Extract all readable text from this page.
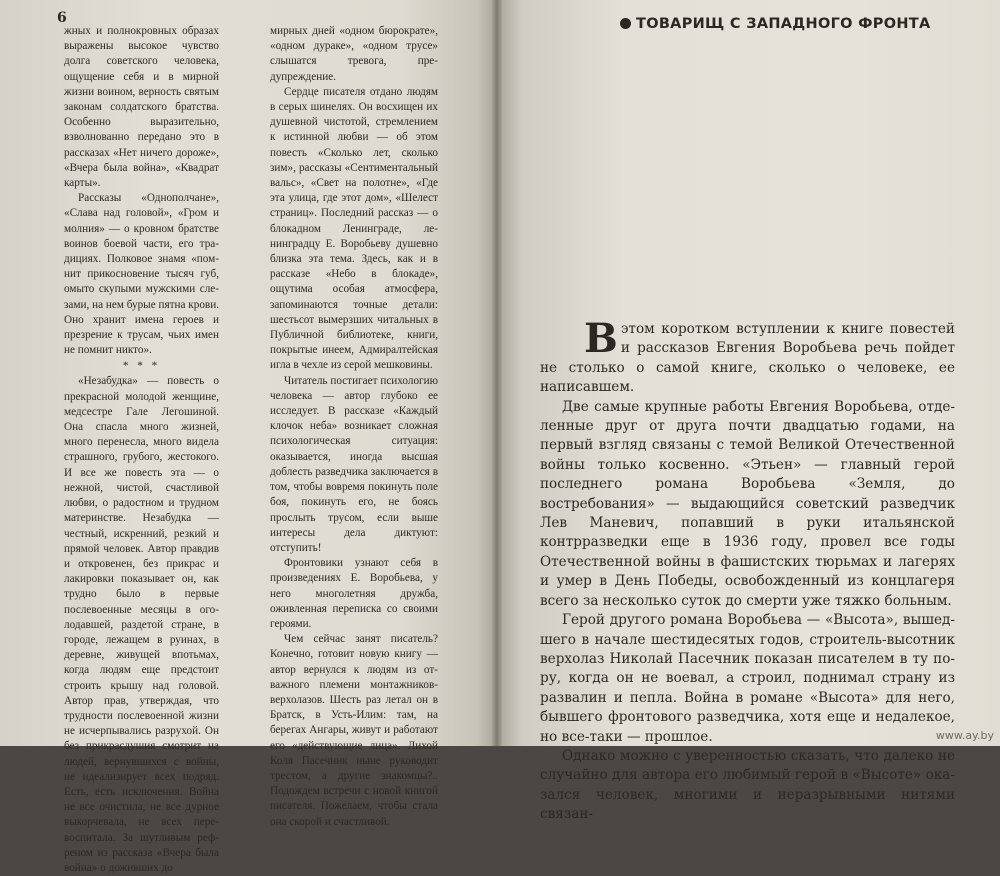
6

жных и полнокровных образах выражены высокое чувство долга советского человека, ощущение себя и в мирной жизни воином, верность святым законам солдатского братства. Особенно выразительно, взволнованно передано это в рассказах «Нет ничего дороже», «Вчера была война», «Квадрат карты».

Рассказы «Однополчане», «Слава над головой», «Гром и молния» — о кровном братстве воинов боевой части, его традициях. Полковое знамя «помнит прикосновение тысяч губ, омыто скупыми мужскими слезами, на нем бурые пятна крови. Оно хранит имена героев и презрение к трусам, чьих имен не помнит никто».

* * *

«Незабудка» — повесть о прекрасной молодой женщине, медсестре Гале Легошиной. Она спасла много жизней, много перенесла, много видела страшного, грубого, жестокого. И все же повесть эта — о нежной, чистой, счастливой любви, о радостном и трудном материнстве. Незабудка — честный, искренний, резкий и прямой человек. Автор правдив и откровенен, без прикрас и лакировки показывает он, как трудно было в первые послевоенные месяцы в оголодавшей, раздетой стране, в городе, лежащем в руинах, в деревне, живущей впотьмах, когда людям еще предстоит строить крышу над головой. Автор прав, утверждая, что трудности послевоенной жизни не исчерпывались разрухой. Он без прикрасдушия смотрит на людей, вернувшихся с войны, не идеализирует всех подряд. Есть, есть исключения. Война не все очистила, не все дурное выкорчевала, не всех перевоспитала. За шутливым рефреном из рассказа «Вчера была война» о доживших до

мирных дней «одном бюрократе», «одном дураке», «одном трусе» слышатся тревога, предупреждение.

Сердце писателя отдано людям в серых шинелях. Он восхищен их душевной чистотой, стремлением к истинной любви — об этом повесть «Сколько лет, сколько зим», рассказы «Сентиментальный вальс», «Свет на полотне», «Где эта улица, где этот дом», «Шелест страниц». Последний рассказ — о блокадном Ленинграде, ленинградцу Е. Воробьеву душевно близка эта тема. Здесь, как и в рассказе «Небо в блокаде», ощутима особая атмосфера, запоминаются точные детали: шестьсот вымерзших читальных в Публичной библиотеке, книги, покрытые инеем, Адмиралтейская игла в чехле из серой мешковины.

Читатель постигает психологию человека — автор глубоко ее исследует. В рассказе «Каждый клочок неба» возникает сложная психологическая ситуация: оказывается, иногда высшая доблесть разведчика заключается в том, чтобы вовремя покинуть поле боя, покинуть его, не боясь прослыть трусом, если выше интересы дела диктуют: отступить!

Фронтовики узнают себя в произведениях Е. Воробьева, у него многолетняя дружба, оживленная переписка со своими героями.

Чем сейчас занят писатель? Конечно, готовит новую книгу — автор вернулся к людям из отважного племени монтажников-верхолазов. Шесть раз летал он в Братск, в Усть-Илим: там, на берегах Ангары, живут и работают его «действующие лица». Лихой Коля Пасечник ныне руководит трестом, а другие знакомцы?.. Подождем встречи с новой книгой писателя. Пожелаем, чтобы стала она скорой и счастливой.

ТОВАРИЩ С ЗАПАДНОГО ФРОНТА

Вэтом коротком вступлении к книге повестей и рассказов Евгения Воробьева речь пойдет не столько о самой книге, сколько о человеке, ее написавшем.

Две самые крупные работы Евгения Воробьева, отделенные друг от друга почти двадцатью годами, на первый взгляд связаны с темой Великой Отечественной войны только косвенно. «Этьен» — главный герой последнего романа Воробьева «Земля, до востребования» — выдающийся советский разведчик Лев Маневич, попавший в руки итальянской контрразведки еще в 1936 году, провел все годы Отечественной войны в фашистских тюрьмах и лагерях и умер в День Победы, освобожденный из концлагеря всего за несколько суток до смерти уже тяжко больным.

Герой другого романа Воробьева — «Высота», вышедшего в начале шестидесятых годов, строитель-высотник верхолаз Николай Пасечник показан писателем в ту пору, когда он не воевал, а строил, поднимал страну из развалин и пепла. Война в романе «Высота» для него, бывшего фронтового разведчика, хотя еще и недалекое, но все-таки — прошлое.

Однако можно с уверенностью сказать, что далеко не случайно для автора его любимый герой в «Высоте» оказался человек, многими и неразрывными нитями связан-

www.ay.by
